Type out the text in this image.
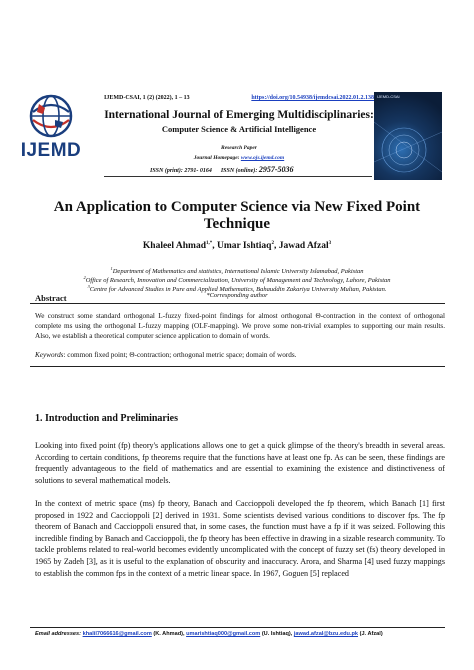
IJEMD
IJEMD-CSAI, 1 (2) (2022), 1 – 13	https://doi.org/10.54938/ijemdcsai.2022.01.2.138
International Journal of Emerging Multidisciplinaries:
Computer Science & Artificial Intelligence
Research Paper
Journal Homepage: www.ojs.ijemd.com
ISSN (print): 2791- 0164 ISSN (online): 2957-5036
IJEMD-CSAI
An Application to Computer Science via New Fixed Point Technique
Khaleel Ahmad$^{1,*}$, Umar Ishtiaq$^2$, Jawad Afzal$^3$
$^1$Department of Mathematics and statistics, International Islamic University Islamabad, Pakistan
$^2$Office of Research, Innovation and Commercialization, University of Management and Technology, Lahore, Pakistan
$^3$Centre for Advanced Studies in Pure and Applied Mathematics, Bahauddin Zakariya University Multan, Pakistan.
*Corresponding author
Abstract
We construct some standard orthogonal L-fuzzy fixed-point findings for almost orthogonal Θ-contraction in the context of orthogonal complete ms using the orthogonal L-fuzzy mapping (OLF-mapping). We prove some non-trivial examples to supporting our main results. Also, we establish a theoretical computer science application to domain of words.
Keywords: common fixed point; Θ-contraction; orthogonal metric space; domain of words.
1. Introduction and Preliminaries
Looking into fixed point (fp) theory's applications allows one to get a quick glimpse of the theory's breadth in several areas. According to certain conditions, fp theorems require that the functions have at least one fp. As can be seen, these findings are frequently advantageous to the field of mathematics and are essential to examining the existence and distinctiveness of solutions to several mathematical models.
In the context of metric space (ms) fp theory, Banach and Caccioppoli developed the fp theorem, which Banach [1] first proposed in 1922 and Caccioppoli [2] derived in 1931. Some scientists devised various conditions to discover fps. The fp theorem of Banach and Caccioppoli ensured that, in some cases, the function must have a fp if it was seized. Following this incredible finding by Banach and Caccioppoli, the fp theory has been effective in drawing in a sizable research community. To tackle problems related to real-world becomes evidently uncomplicated with the concept of fuzzy set (fs) theory developed in 1965 by Zadeh [3], as it is useful to the explanation of obscurity and inaccuracy. Arora, and Sharma [4] used fuzzy mappings to establish the common fps in the context of a metric linear space. In 1967, Goguen [5] replaced
Email addresses: khalil7066616@gmail.com (K. Ahmad), umarishtiaq000@gmail.com (U. Ishtiaq), jawad.afzal@bzu.edu.pk (J. Afzal)
